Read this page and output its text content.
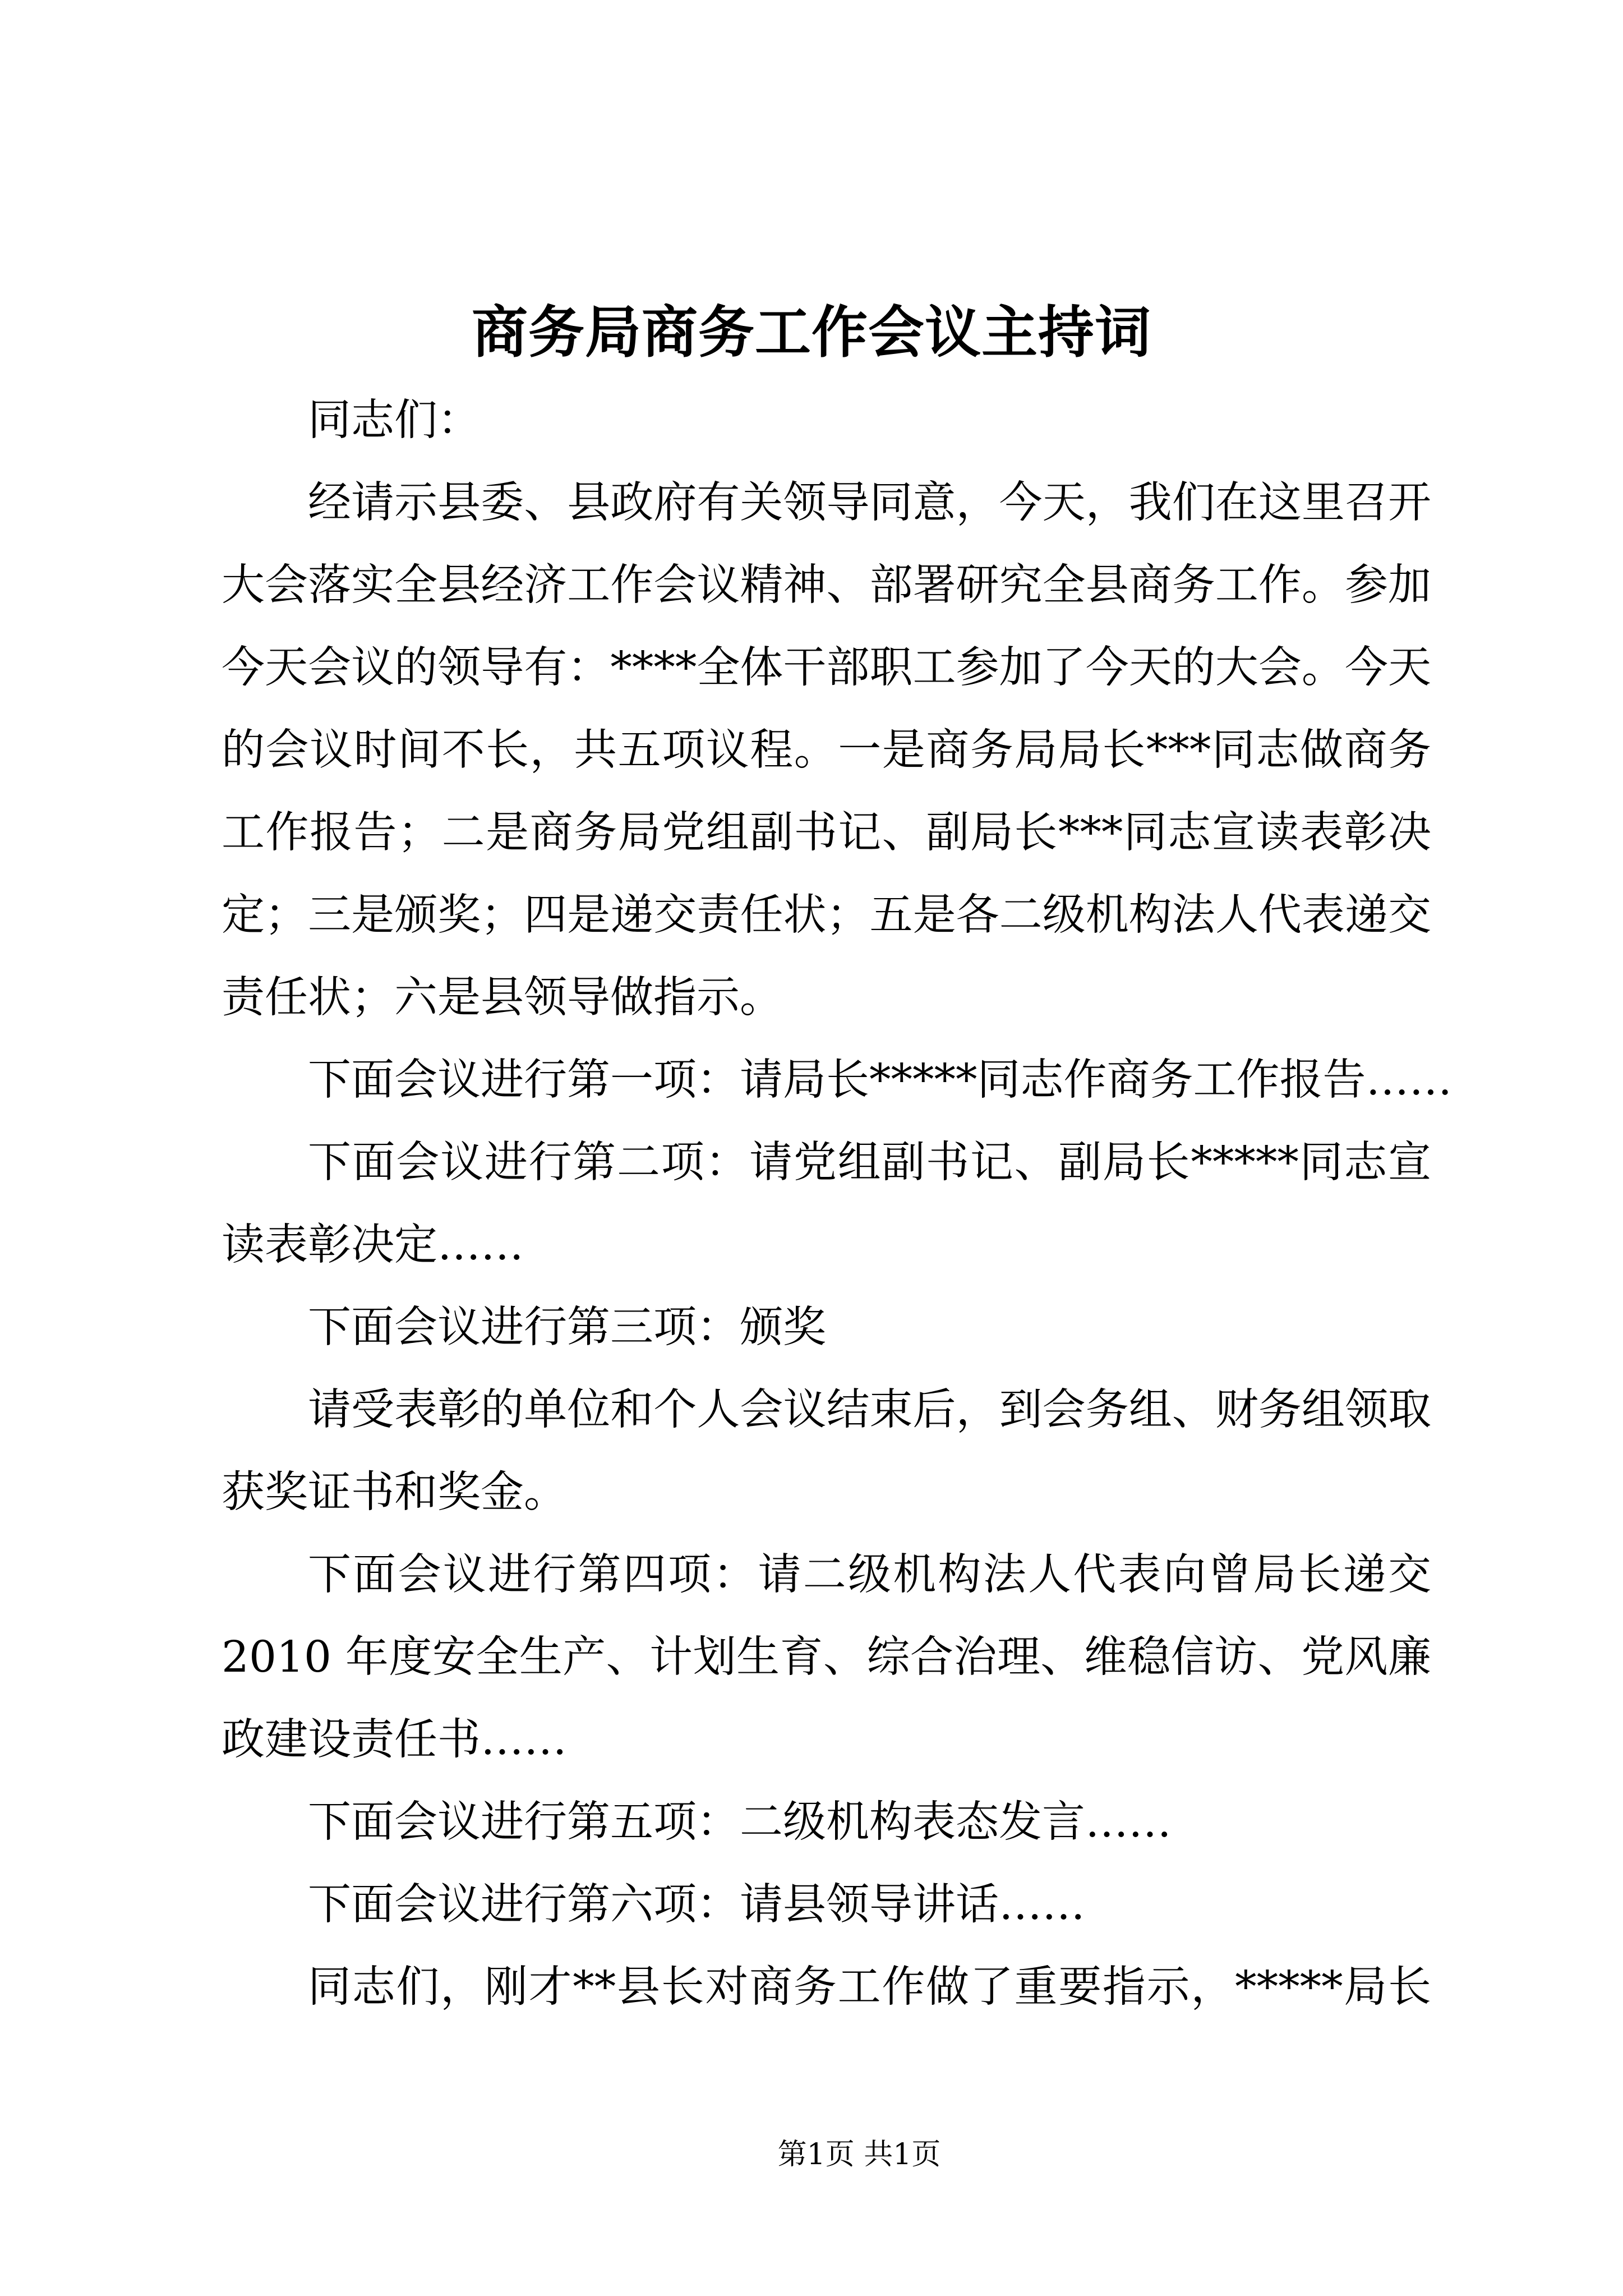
商务局商务工作会议主持词
同志们：
经请示县委、县政府有关领导同意，今天，我们在这里召开
大会落实全县经济工作会议精神、部署研究全县商务工作。参加
今天会议的领导有：****全体干部职工参加了今天的大会。今天
的会议时间不长，共五项议程。一是商务局局长***同志做商务
工作报告；二是商务局党组副书记、副局长***同志宣读表彰决
定；三是颁奖；四是递交责任状；五是各二级机构法人代表递交
责任状；六是县领导做指示。
下面会议进行第一项：请局长*****同志作商务工作报告……
下面会议进行第二项：请党组副书记、副局长*****同志宣
读表彰决定……
下面会议进行第三项：颁奖
请受表彰的单位和个人会议结束后，到会务组、财务组领取
获奖证书和奖金。
下面会议进行第四项：请二级机构法人代表向曾局长递交
2010 年度安全生产、计划生育、综合治理、维稳信访、党风廉
政建设责任书……
下面会议进行第五项：二级机构表态发言……
下面会议进行第六项：请县领导讲话……
同志们，刚才**县长对商务工作做了重要指示，*****局长
第1页 共1页
